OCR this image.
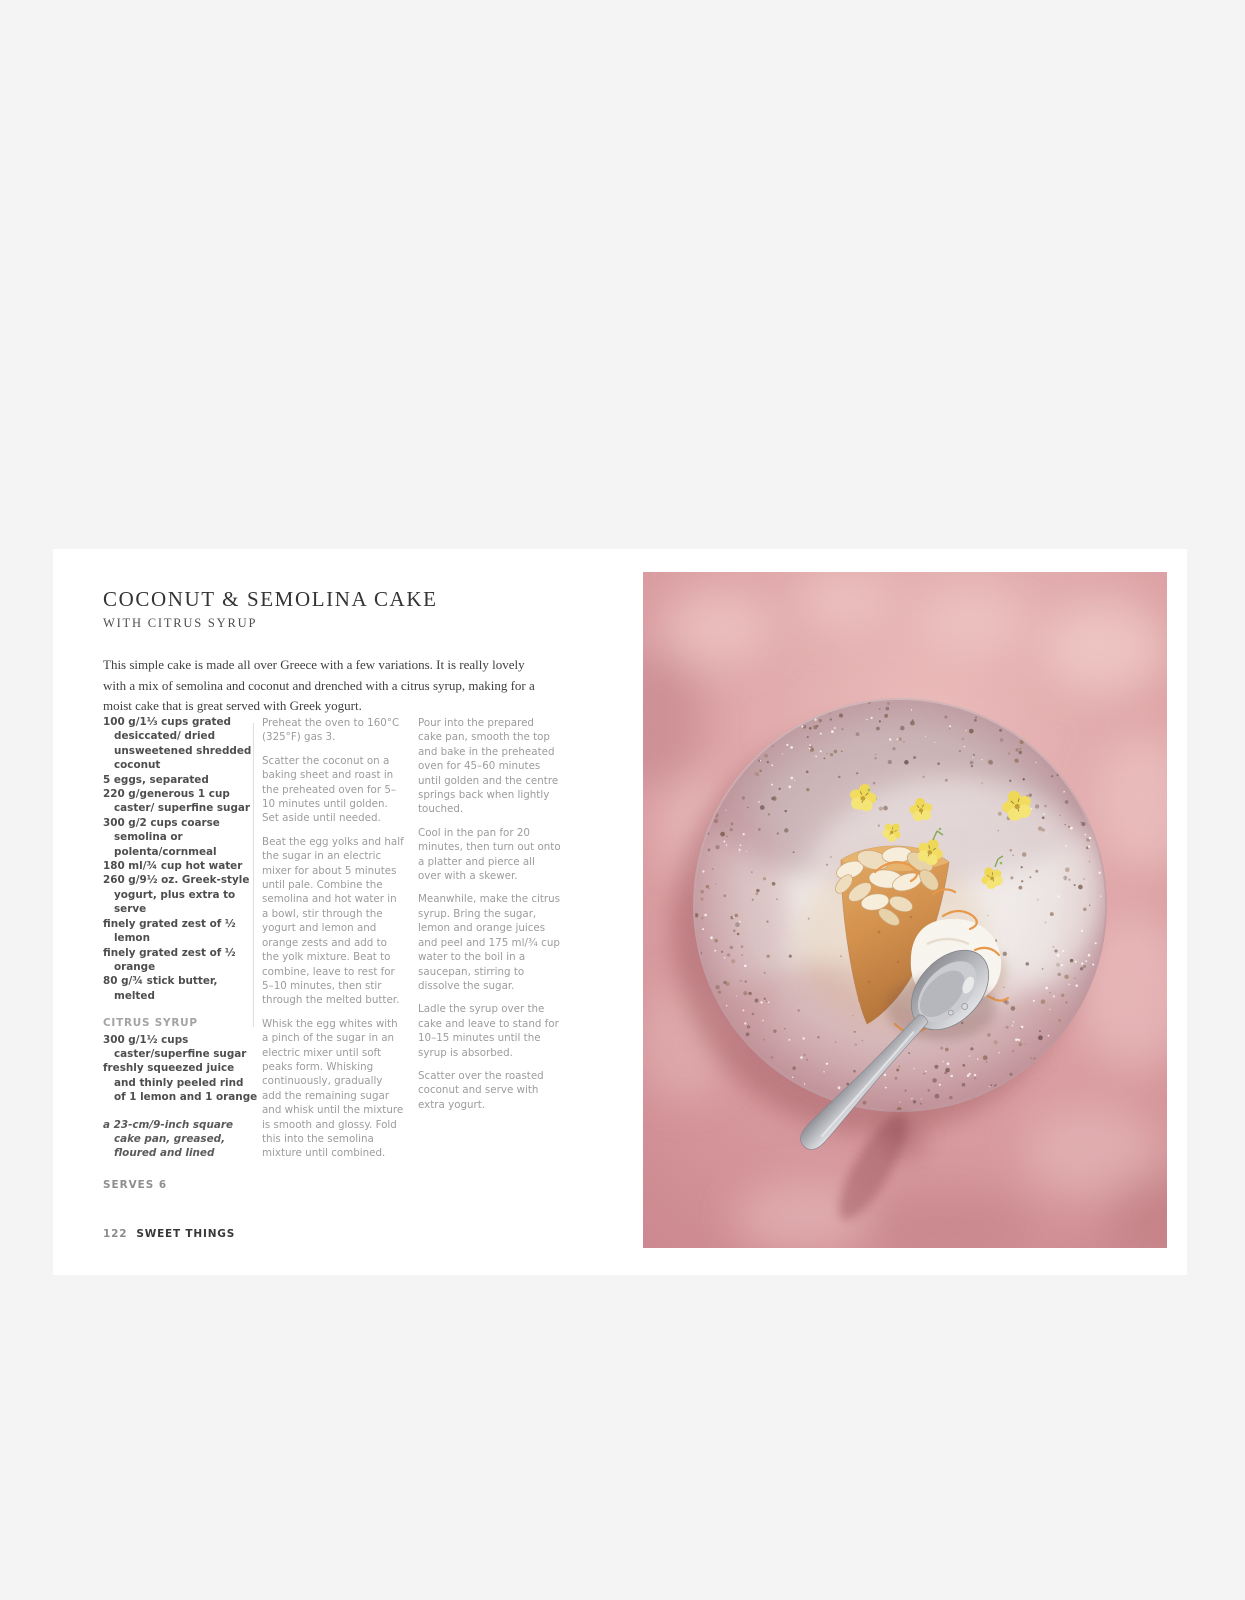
COCONUT & SEMOLINA CAKE
WITH CITRUS SYRUP

This simple cake is made all over Greece with a few variations. It is really lovely with a mix of semolina and coconut and drenched with a citrus syrup, making for a moist cake that is great served with Greek yogurt.

100 g/1⅓ cups grated desiccated/ dried unsweetened shredded coconut
5 eggs, separated
220 g/generous 1 cup caster/ superfine sugar
300 g/2 cups coarse semolina or polenta/cornmeal
180 ml/¾ cup hot water
260 g/9½ oz. Greek-style yogurt, plus extra to serve
finely grated zest of ½ lemon
finely grated zest of ½ orange
80 g/¾ stick butter, melted
CITRUS SYRUP
300 g/1½ cups caster/superfine sugar
freshly squeezed juice and thinly peeled rind of 1 lemon and 1 orange
a 23-cm/9-inch square cake pan, greased, floured and lined
SERVES 6

Preheat the oven to 160°C (325°F) gas 3.

Scatter the coconut on a baking sheet and roast in the preheated oven for 5–10 minutes until golden. Set aside until needed.

Beat the egg yolks and half the sugar in an electric mixer for about 5 minutes until pale. Combine the semolina and hot water in a bowl, stir through the yogurt and lemon and orange zests and add to the yolk mixture. Beat to combine, leave to rest for 5–10 minutes, then stir through the melted butter.

Whisk the egg whites with a pinch of the sugar in an electric mixer until soft peaks form. Whisking continuously, gradually add the remaining sugar and whisk until the mixture is smooth and glossy. Fold this into the semolina mixture until combined.

Pour into the prepared cake pan, smooth the top and bake in the preheated oven for 45–60 minutes until golden and the centre springs back when lightly touched.

Cool in the pan for 20 minutes, then turn out onto a platter and pierce all over with a skewer.

Meanwhile, make the citrus syrup. Bring the sugar, lemon and orange juices and peel and 175 ml/¾ cup water to the boil in a saucepan, stirring to dissolve the sugar.

Ladle the syrup over the cake and leave to stand for 10–15 minutes until the syrup is absorbed.

Scatter over the roasted coconut and serve with extra yogurt.

122 SWEET THINGS
